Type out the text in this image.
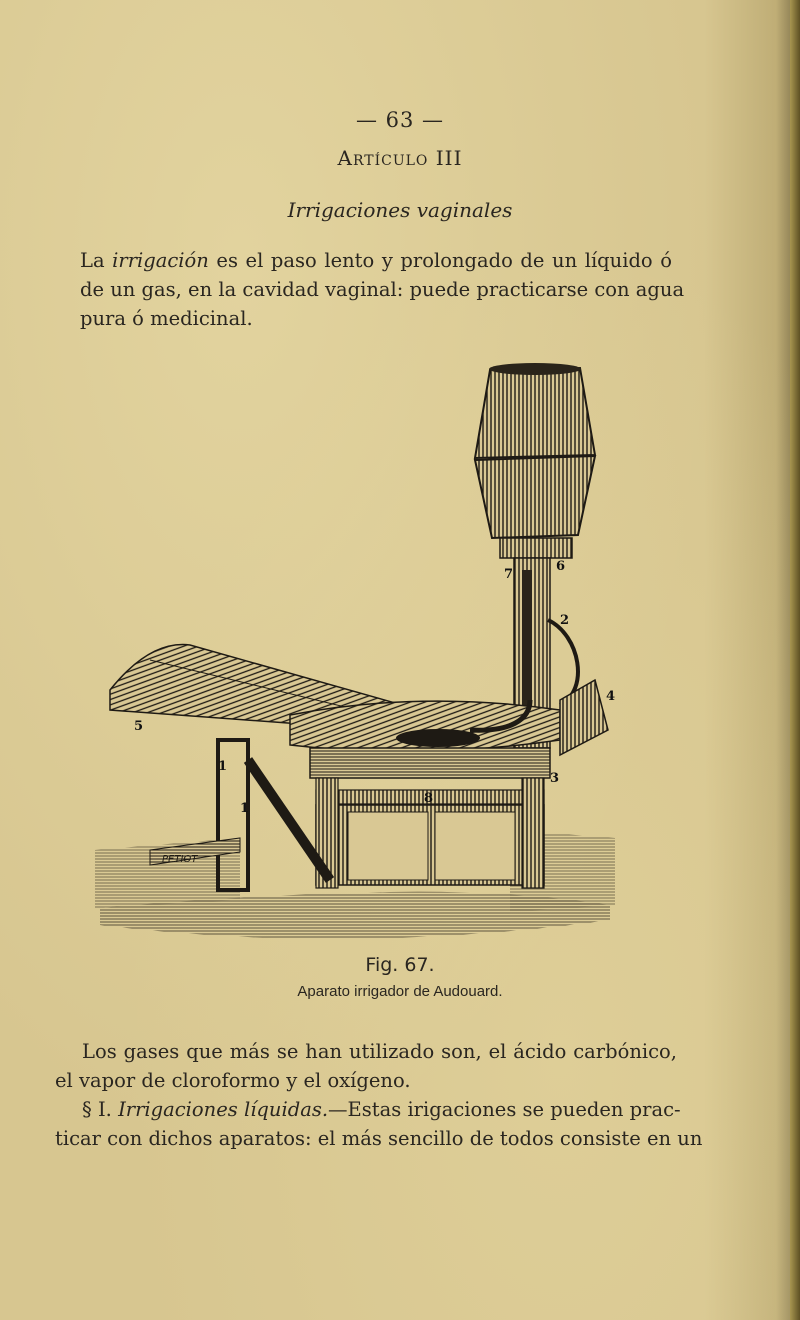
— 63 —
Artículo III
Irrigaciones vaginales
La irrigación es el paso lento y prolongado de un líquido ó
de un gas, en la cavidad vaginal: puede practicarse con agua
pura ó medicinal.
PETIOT
7
6
2
4
5
1
3
1
8
Fig. 67.
Aparato irrigador de Audouard.
Los gases que más se han utilizado son, el ácido carbónico,
el vapor de cloroformo y el oxígeno.
§ I. Irrigaciones líquidas.—Estas irigaciones se pueden prac-
ticar con dichos aparatos: el más sencillo de todos consiste en un
